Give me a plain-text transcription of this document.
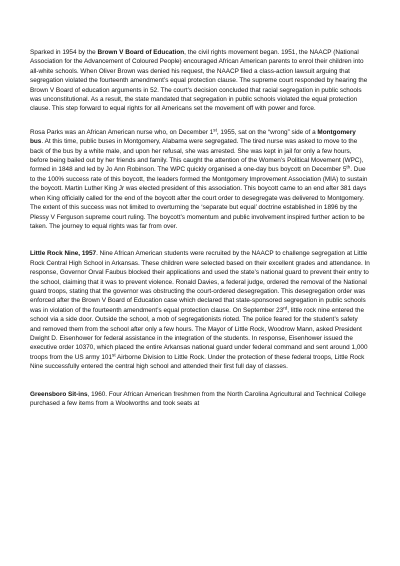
Sparked in 1954 by the Brown V Board of Education, the civil rights movement began. 1951, the NAACP (National Association for the Advancement of Coloured People) encouraged African American parents to enrol their children into all-white schools. When Oliver Brown was denied his request, the NAACP filed a class-action lawsuit arguing that segregation violated the fourteenth amendment’s equal protection clause. The supreme court responded by hearing the Brown V Board of education arguments in 52. The court’s decision concluded that racial segregation in public schools was unconstitutional. As a result, the state mandated that segregation in public schools violated the equal protection clause. This step forward to equal rights for all Americans set the movement off with power and force.

Rosa Parks was an African American nurse who, on December 1st, 1955, sat on the “wrong” side of a Montgomery bus. At this time, public buses in Montgomery, Alabama were segregated. The tired nurse was asked to move to the back of the bus by a white male, and upon her refusal, she was arrested. She was kept in jail for only a few hours, before being bailed out by her friends and family. This caught the attention of the Women’s Political Movement (WPC), formed in 1848 and led by Jo Ann Robinson. The WPC quickly organised a one-day bus boycott on December 5th. Due to the 100% success rate of this boycott, the leaders formed the Montgomery Improvement Association (MIA) to sustain the boycott. Martin Luther King Jr was elected president of this association. This boycott came to an end after 381 days when King officially called for the end of the boycott after the court order to desegregate was delivered to Montgomery. The extent of this success was not limited to overturning the ‘separate but equal’ doctrine established in 1896 by the Plessy V Ferguson supreme court ruling. The boycott’s momentum and public involvement inspired further action to be taken. The journey to equal rights was far from over.

Little Rock Nine, 1957. Nine African American students were recruited by the NAACP to challenge segregation at Little Rock Central High School in Arkansas. These children were selected based on their excellent grades and attendance. In response, Governor Orval Faubus blocked their applications and used the state’s national guard to prevent their entry to the school, claiming that it was to prevent violence. Ronald Davies, a federal judge, ordered the removal of the National guard troops, stating that the governor was obstructing the court-ordered desegregation. This desegregation order was enforced after the Brown V Board of Education case which declared that state-sponsored segregation in public schools was in violation of the fourteenth amendment’s equal protection clause. On September 23rd, little rock nine entered the school via a side door. Outside the school, a mob of segregationists rioted. The police feared for the student’s safety and removed them from the school after only a few hours. The Mayor of Little Rock, Woodrow Mann, asked President Dwight D. Eisenhower for federal assistance in the integration of the students. In response, Eisenhower issued the executive order 10370, which placed the entire Arkansas national guard under federal command and sent around 1,000 troops from the US army 101st Airborne Division to Little Rock. Under the protection of these federal troops, Little Rock Nine successfully entered the central high school and attended their first full day of classes.

Greensboro Sit-ins, 1960. Four African American freshmen from the North Carolina Agricultural and Technical College purchased a few items from a Woolworths and took seats at
